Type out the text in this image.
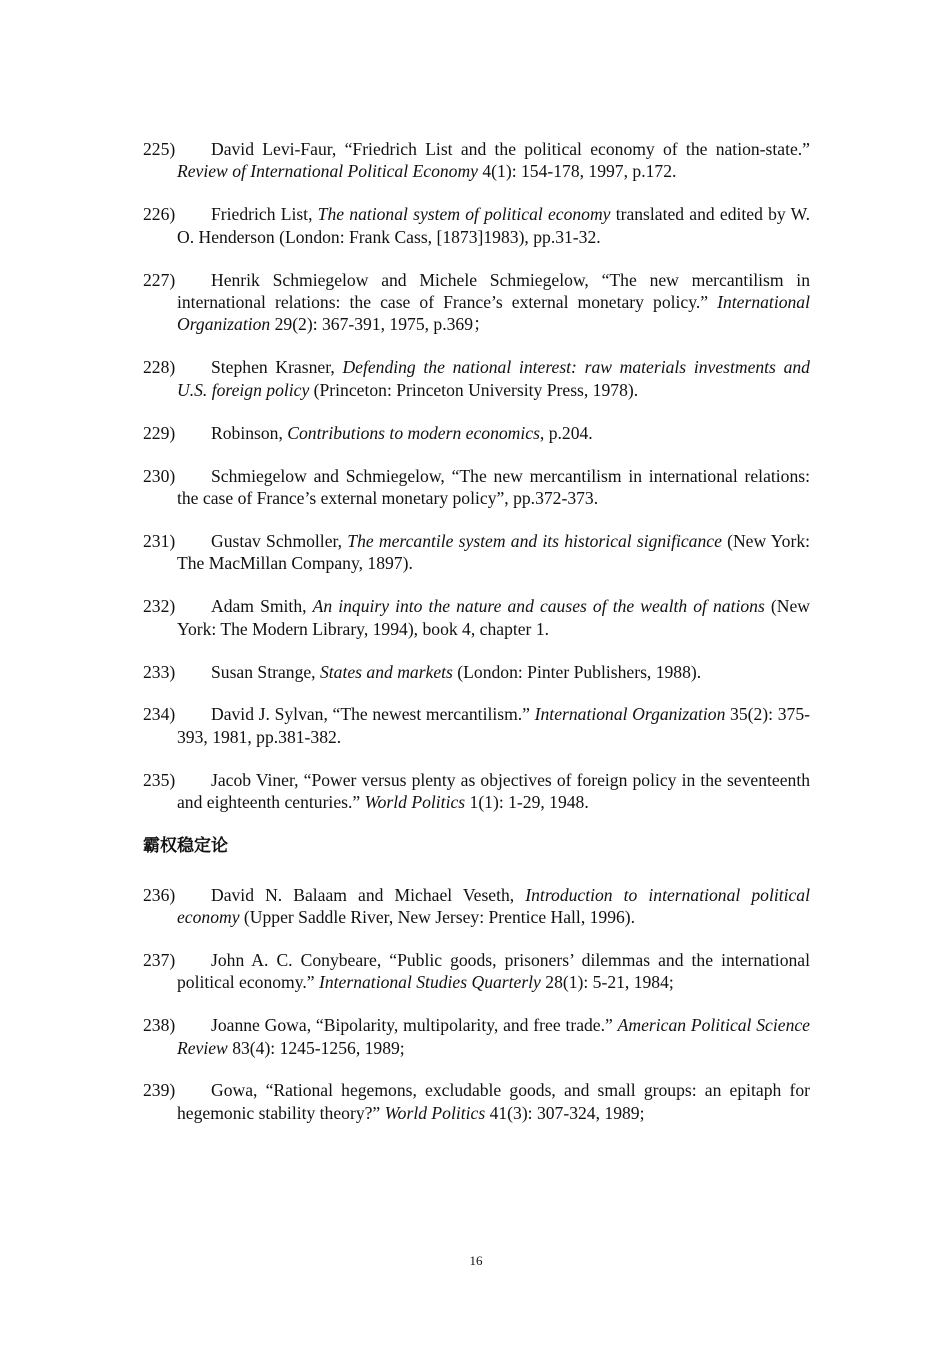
225) David Levi-Faur, “Friedrich List and the political economy of the nation-state.” Review of International Political Economy 4(1): 154-178, 1997, p.172.

226) Friedrich List, The national system of political economy translated and edited by W. O. Henderson (London: Frank Cass, [1873]1983), pp.31-32.

227) Henrik Schmiegelow and Michele Schmiegelow, “The new mercantilism in international relations: the case of France’s external monetary policy.” International Organization 29(2): 367-391, 1975, p.369；

228) Stephen Krasner, Defending the national interest: raw materials investments and U.S. foreign policy (Princeton: Princeton University Press, 1978).

229) Robinson, Contributions to modern economics, p.204.

230) Schmiegelow and Schmiegelow, “The new mercantilism in international relations: the case of France’s external monetary policy”, pp.372-373.

231) Gustav Schmoller, The mercantile system and its historical significance (New York: The MacMillan Company, 1897).

232) Adam Smith, An inquiry into the nature and causes of the wealth of nations (New York: The Modern Library, 1994), book 4, chapter 1.

233) Susan Strange, States and markets (London: Pinter Publishers, 1988).

234) David J. Sylvan, “The newest mercantilism.” International Organization 35(2): 375-393, 1981, pp.381-382.

235) Jacob Viner, “Power versus plenty as objectives of foreign policy in the seventeenth and eighteenth centuries.” World Politics 1(1): 1-29, 1948.

霸权稳定论

236) David N. Balaam and Michael Veseth, Introduction to international political economy (Upper Saddle River, New Jersey: Prentice Hall, 1996).

237) John A. C. Conybeare, “Public goods, prisoners’ dilemmas and the international political economy.” International Studies Quarterly 28(1): 5-21, 1984;

238) Joanne Gowa, “Bipolarity, multipolarity, and free trade.” American Political Science Review 83(4): 1245-1256, 1989;

239) Gowa, “Rational hegemons, excludable goods, and small groups: an epitaph for hegemonic stability theory?” World Politics 41(3): 307-324, 1989;

16
